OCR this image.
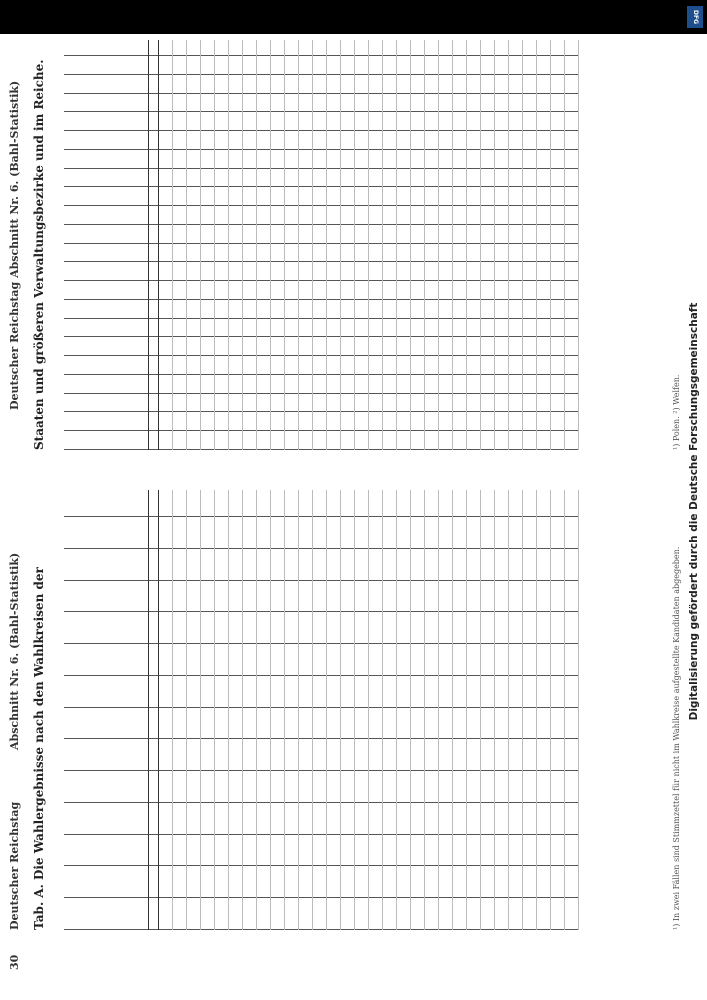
DFG
30
Deutscher Reichstag
Abschnitt Nr. 6. (Bahl-Statistik)
Deutscher Reichstag Abschnitt Nr. 6. (Bahl-Statistik)
Tab. A. Die Wahlergebnisse nach den Wahlkreisen der
Staaten und größeren Verwaltungsbezirke und im Reiche.

¹) In zwei Fällen sind Stimmzettel für nicht im Wahlkreise aufgestellte Kandidaten abgegeben.
¹) Polen. ²) Welfen. Digitalisierung gefördert durch die Deutsche Forschungsgemeinschaft
